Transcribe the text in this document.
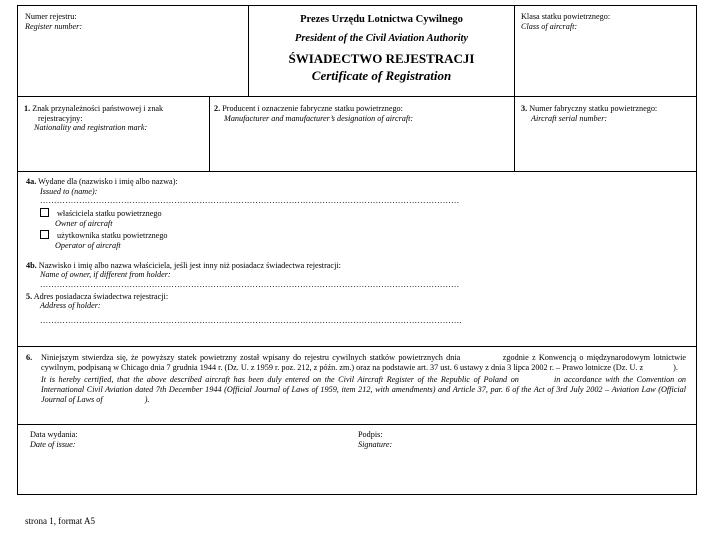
Numer rejestru:
Register number:
Prezes Urzędu Lotnictwa Cywilnego
President of the Civil Aviation Authority
ŚWIADECTWO REJESTRACJI
Certificate of Registration
Klasa statku powietrznego:
Class of aircraft:
1. Znak przynależności państwowej i znak
rejestracyjny:
Nationality and registration mark:
2. Producent i oznaczenie fabryczne statku powietrznego:
Manufacturer and manufacturer’s designation of aircraft:
3. Numer fabryczny statku powietrznego:
Aircraft serial number:
4a. Wydane dla (nazwisko i imię albo nazwa):
Issued to (name):
……………………………………………………………………………………………………………………………………
właściciela statku powietrznego
Owner of aircraft
użytkownika statku powietrznego
Operator of aircraft
4b. Nazwisko i imię albo nazwa właściciela, jeśli jest inny niż posiadacz świadectwa rejestracji:
Name of owner, if different from holder:
……………………………………………………………………………………………………………………………………
5. Adres posiadacza świadectwa rejestracji:
Address of holder:
…………………………………………………………………………………………………………………………………….
6.	Niniejszym stwierdza się, że powyższy statek powietrzny został wpisany do rejestru cywilnych statków powietrznych dnia	zgodnie z Konwencją o międzynarodowym lotnictwie cywilnym, podpisaną w Chicago dnia 7 grudnia 1944 r. (Dz. U. z 1959 r. poz. 212, z późn. zm.) oraz na podstawie art. 37 ust. 6 ustawy z dnia 3 lipca 2002 r. – Prawo lotnicze (Dz. U. z	).
It is hereby certified, that the above described aircraft has been duly entered on the Civil Aircraft Register of the Republic of Poland on	in accordance with the Convention on International Civil Aviation dated 7th December 1944 (Official Journal of Laws of 1959, item 212, with amendments) and Article 37, par. 6 of the Act of 3rd July 2002 – Aviation Law (Official Journal of Laws of	).
Data wydania:
Date of issue:
Podpis:
Signature:
strona 1, format A5
